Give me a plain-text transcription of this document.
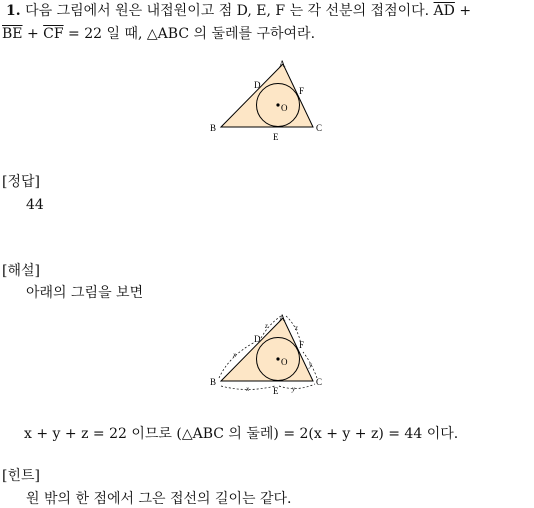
1. 다음 그림에서 원은 내접원이고 점 D, E, F 는 각 선분의 접점이다. $\overline{AD}$ +
$\overline{BE} + \overline{CF} = 22$ 일 때, △ABC 의 둘레를 구하여라.
A
B	C
D
E
F
O
[정답]
44
[해설]
아래의 그림을 보면
A
B	C
D
E
F
O
x
x	y
y
z	z
x + y + z = 22 이므로 (△ABC 의 둘레) = 2(x + y + z) = 44 이다.
[힌트]
원 밖의 한 점에서 그은 접선의 길이는 같다.
